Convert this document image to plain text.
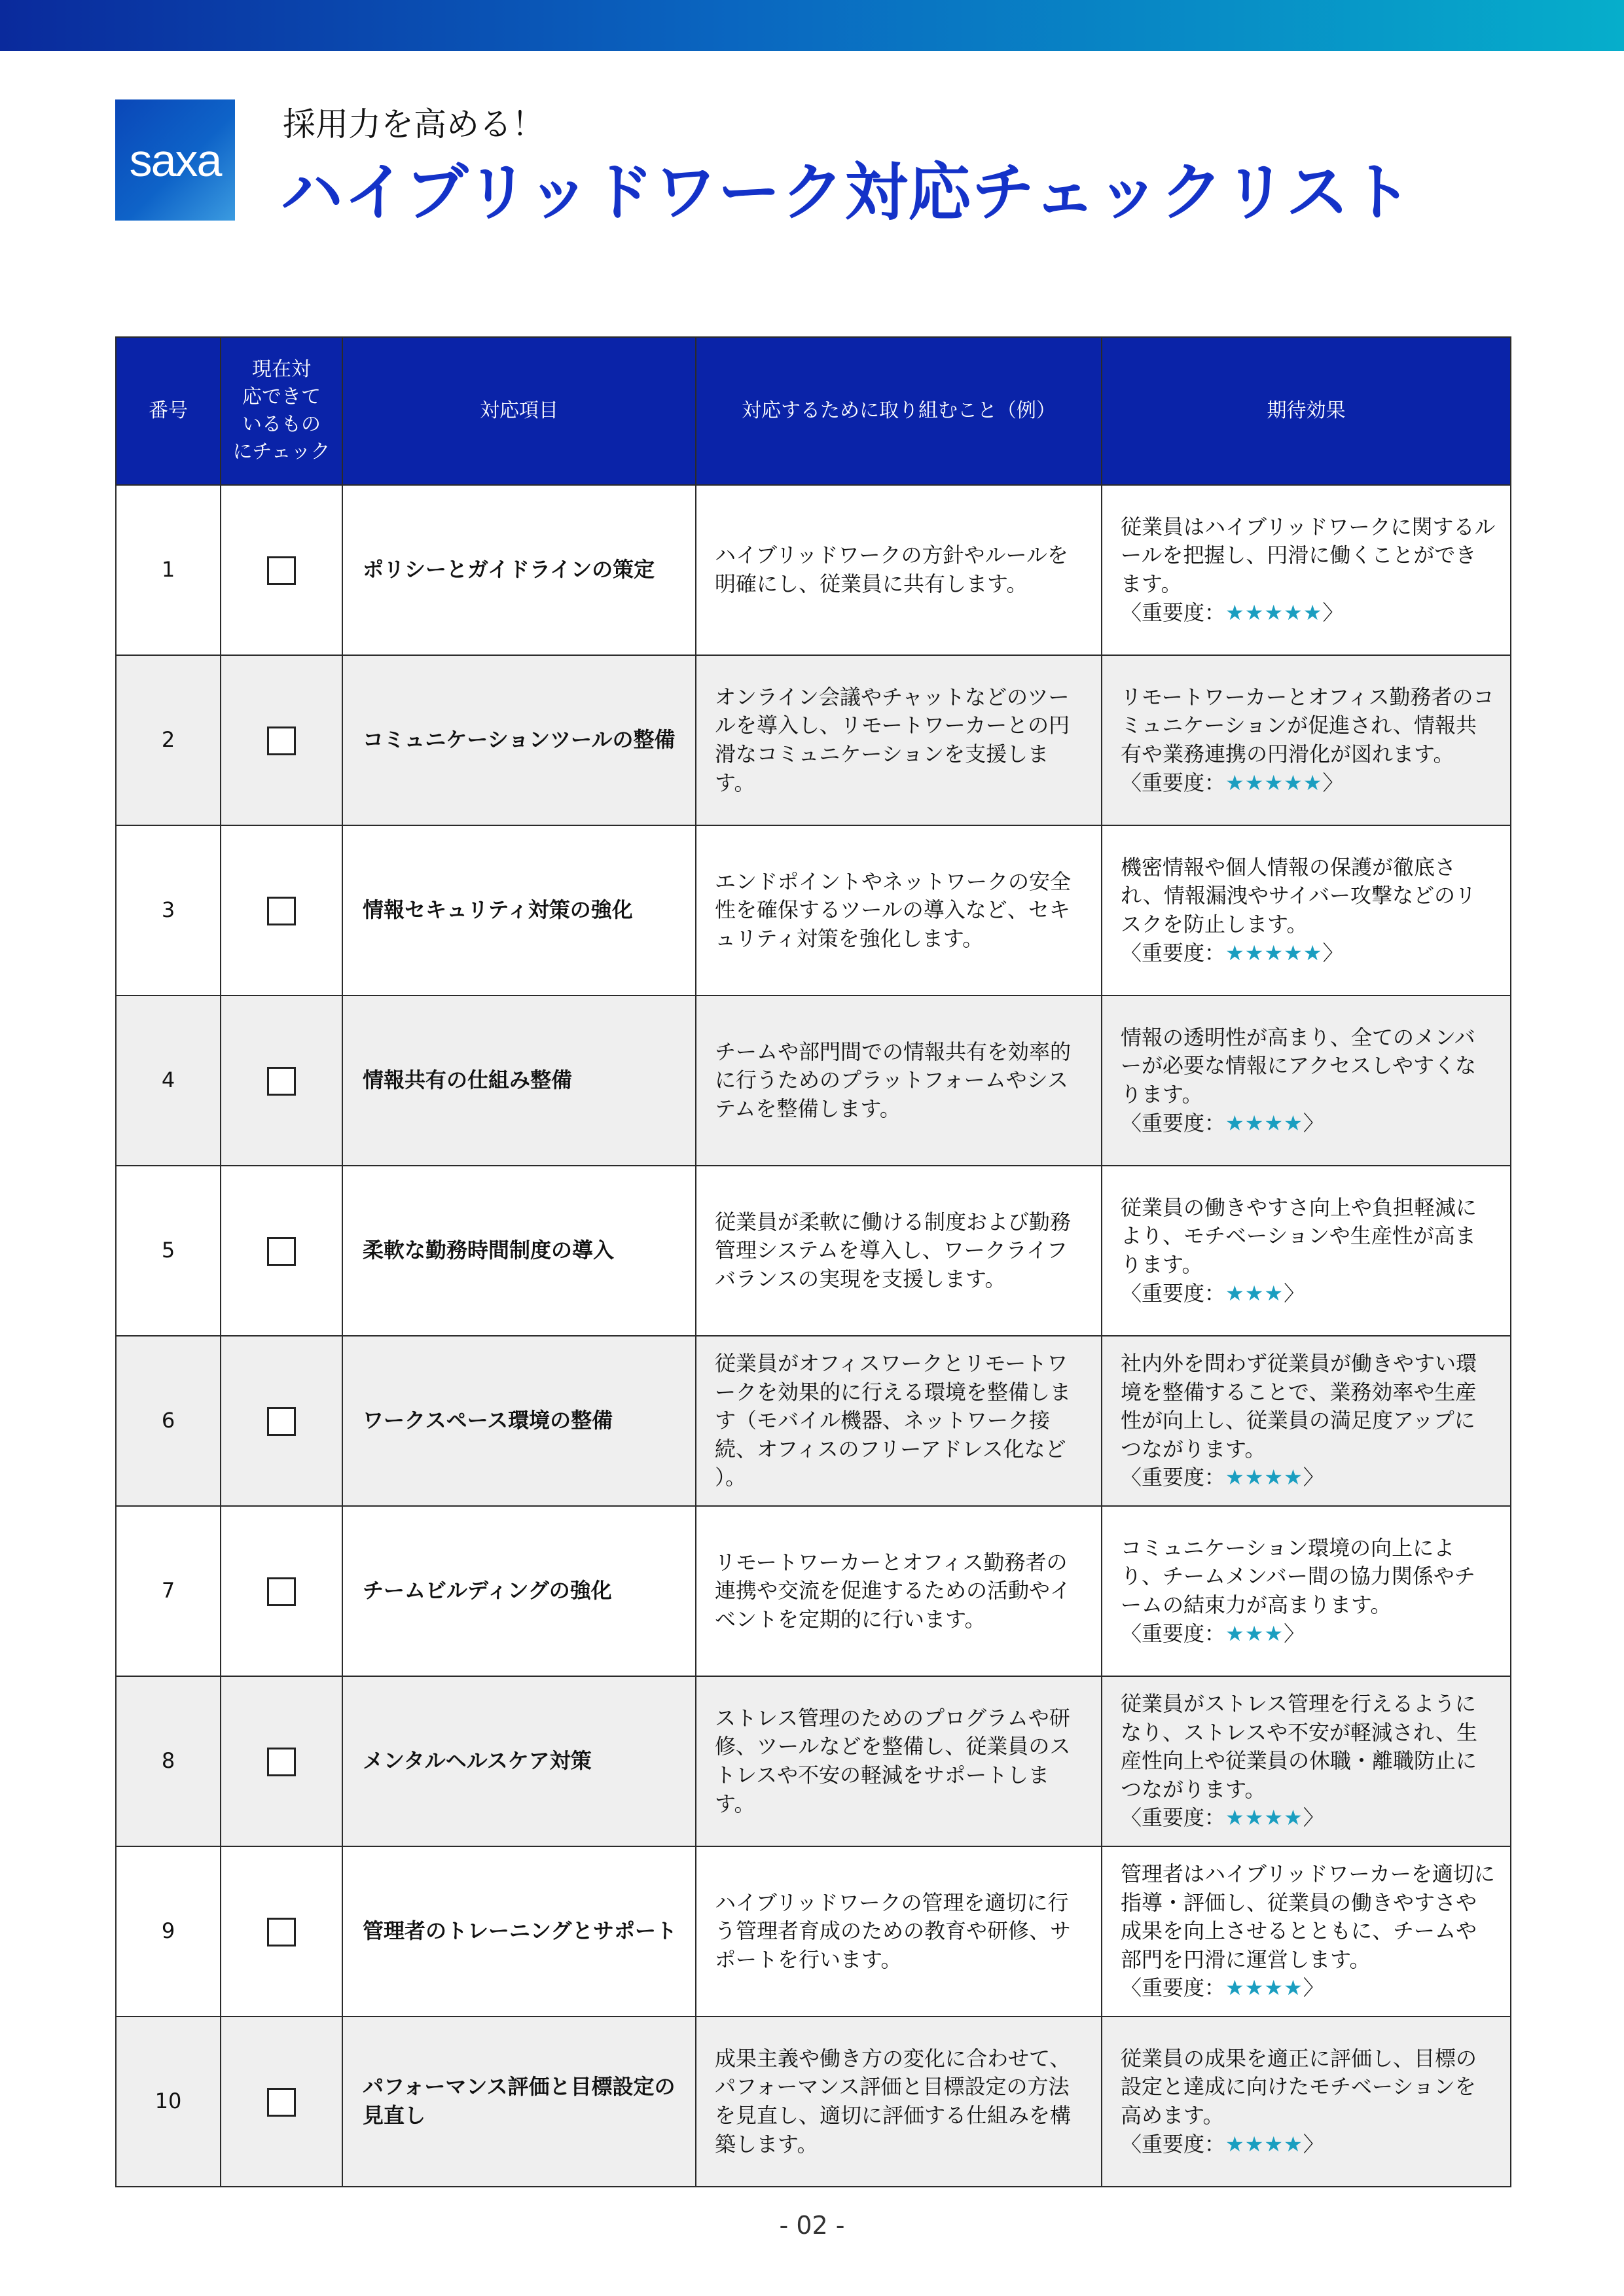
saxa
採用力を高める！
ハイブリッドワーク対応チェックリスト
番号	現在対
応できて
いるもの
にチェック	対応項目	対応するために取り組むこと（例）	期待効果
1		ポリシーとガイドラインの策定	ハイブリッドワークの方針やルールを明確にし、従業員に共有します。	従業員はハイブリッドワークに関するルールを把握し、円滑に働くことができます。
〈重要度：★★★★★〉
2		コミュニケーションツールの整備	オンライン会議やチャットなどのツールを導入し、リモートワーカーとの円滑なコミュニケーションを支援します。	リモートワーカーとオフィス勤務者のコミュニケーションが促進され、情報共有や業務連携の円滑化が図れます。
〈重要度：★★★★★〉
3		情報セキュリティ対策の強化	エンドポイントやネットワークの安全性を確保するツールの導入など、セキュリティ対策を強化します。	機密情報や個人情報の保護が徹底され、情報漏洩やサイバー攻撃などのリスクを防止します。
〈重要度：★★★★★〉
4		情報共有の仕組み整備	チームや部門間での情報共有を効率的に行うためのプラットフォームやシステムを整備します。	情報の透明性が高まり、全てのメンバーが必要な情報にアクセスしやすくなります。
〈重要度：★★★★〉
5		柔軟な勤務時間制度の導入	従業員が柔軟に働ける制度および勤務管理システムを導入し、ワークライフバランスの実現を支援します。	従業員の働きやすさ向上や負担軽減により、モチベーションや生産性が高まります。
〈重要度：★★★〉
6		ワークスペース環境の整備	従業員がオフィスワークとリモートワークを効果的に行える環境を整備します（モバイル機器、ネットワーク接続、オフィスのフリーアドレス化など ）。	社内外を問わず従業員が働きやすい環境を整備することで、業務効率や生産性が向上し、従業員の満足度アップにつながります。
〈重要度：★★★★〉
7		チームビルディングの強化	リモートワーカーとオフィス勤務者の連携や交流を促進するための活動やイベントを定期的に行います。	コミュニケーション環境の向上により、チームメンバー間の協力関係やチームの結束力が高まります。
〈重要度：★★★〉
8		メンタルヘルスケア対策	ストレス管理のためのプログラムや研修、ツールなどを整備し、従業員のストレスや不安の軽減をサポートします。	従業員がストレス管理を行えるようになり、ストレスや不安が軽減され、生産性向上や従業員の休職・離職防止につながります。
〈重要度：★★★★〉
9		管理者のトレーニングとサポート	ハイブリッドワークの管理を適切に行う管理者育成のための教育や研修、サポートを行います。	管理者はハイブリッドワーカーを適切に指導・評価し、従業員の働きやすさや成果を向上させるとともに、チームや部門を円滑に運営します。
〈重要度：★★★★〉
10		パフォーマンス評価と目標設定の見直し	成果主義や働き方の変化に合わせて、パフォーマンス評価と目標設定の方法を見直し、適切に評価する仕組みを構築します。	従業員の成果を適正に評価し、目標の設定と達成に向けたモチベーションを高めます。
〈重要度：★★★★〉
- 02 -
